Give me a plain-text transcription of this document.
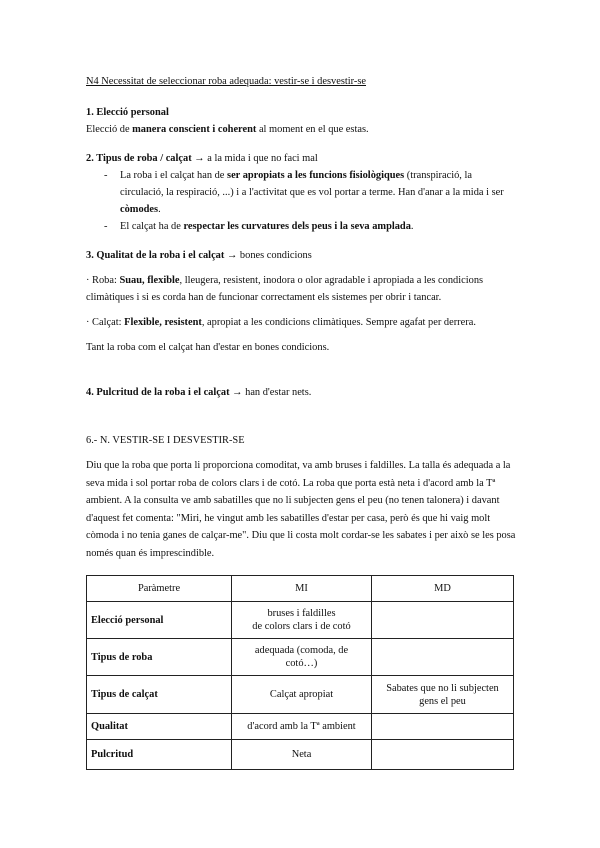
N4 Necessitat de seleccionar roba adequada: vestir-se i desvestir-se
1. Elecció personal
Elecció de manera conscient i coherent al moment en el que estas.
2. Tipus de roba / calçat → a la mida i que no faci mal
- La roba i el calçat han de ser apropiats a les funcions fisiològiques (transpiració, la circulació, la respiració, ...) i a l'activitat que es vol portar a terme. Han d'anar a la mida i ser còmodes.
- El calçat ha de respectar les curvatures dels peus i la seva amplada.
3. Qualitat de la roba i el calçat → bones condicions
· Roba: Suau, flexible, lleugera, resistent, inodora o olor agradable i apropiada a les condicions climàtiques i si es corda han de funcionar correctament els sistemes per obrir i tancar.
· Calçat: Flexible, resistent, apropiat a les condicions climàtiques. Sempre agafat per derrera.
Tant la roba com el calçat han d'estar en bones condicions.
4. Pulcritud de la roba i el calçat → han d'estar nets.
6.- N. VESTIR-SE I DESVESTIR-SE
Diu que la roba que porta li proporciona comoditat, va amb bruses i faldilles. La talla és adequada a la seva mida i sol portar roba de colors clars i de cotó. La roba que porta està neta i d'acord amb la Tª ambient. A la consulta ve amb sabatilles que no li subjecten gens el peu (no tenen talonera) i davant d'aquest fet comenta: "Miri, he vingut amb les sabatilles d'estar per casa, però és que hi vaig molt còmoda i no tenia ganes de calçar-me". Diu que li costa molt cordar-se les sabates i per això se les posa només quan és imprescindible.
Paràmetre	MI	MD
Elecció personal	bruses i faldilles
de colors clars i de cotó	
Tipus de roba	adequada (comoda, de
cotó…)	
Tipus de calçat	Calçat apropiat	Sabates que no li subjecten gens el peu
Qualitat	d'acord amb la Tª ambient	
Pulcritud	Neta	
